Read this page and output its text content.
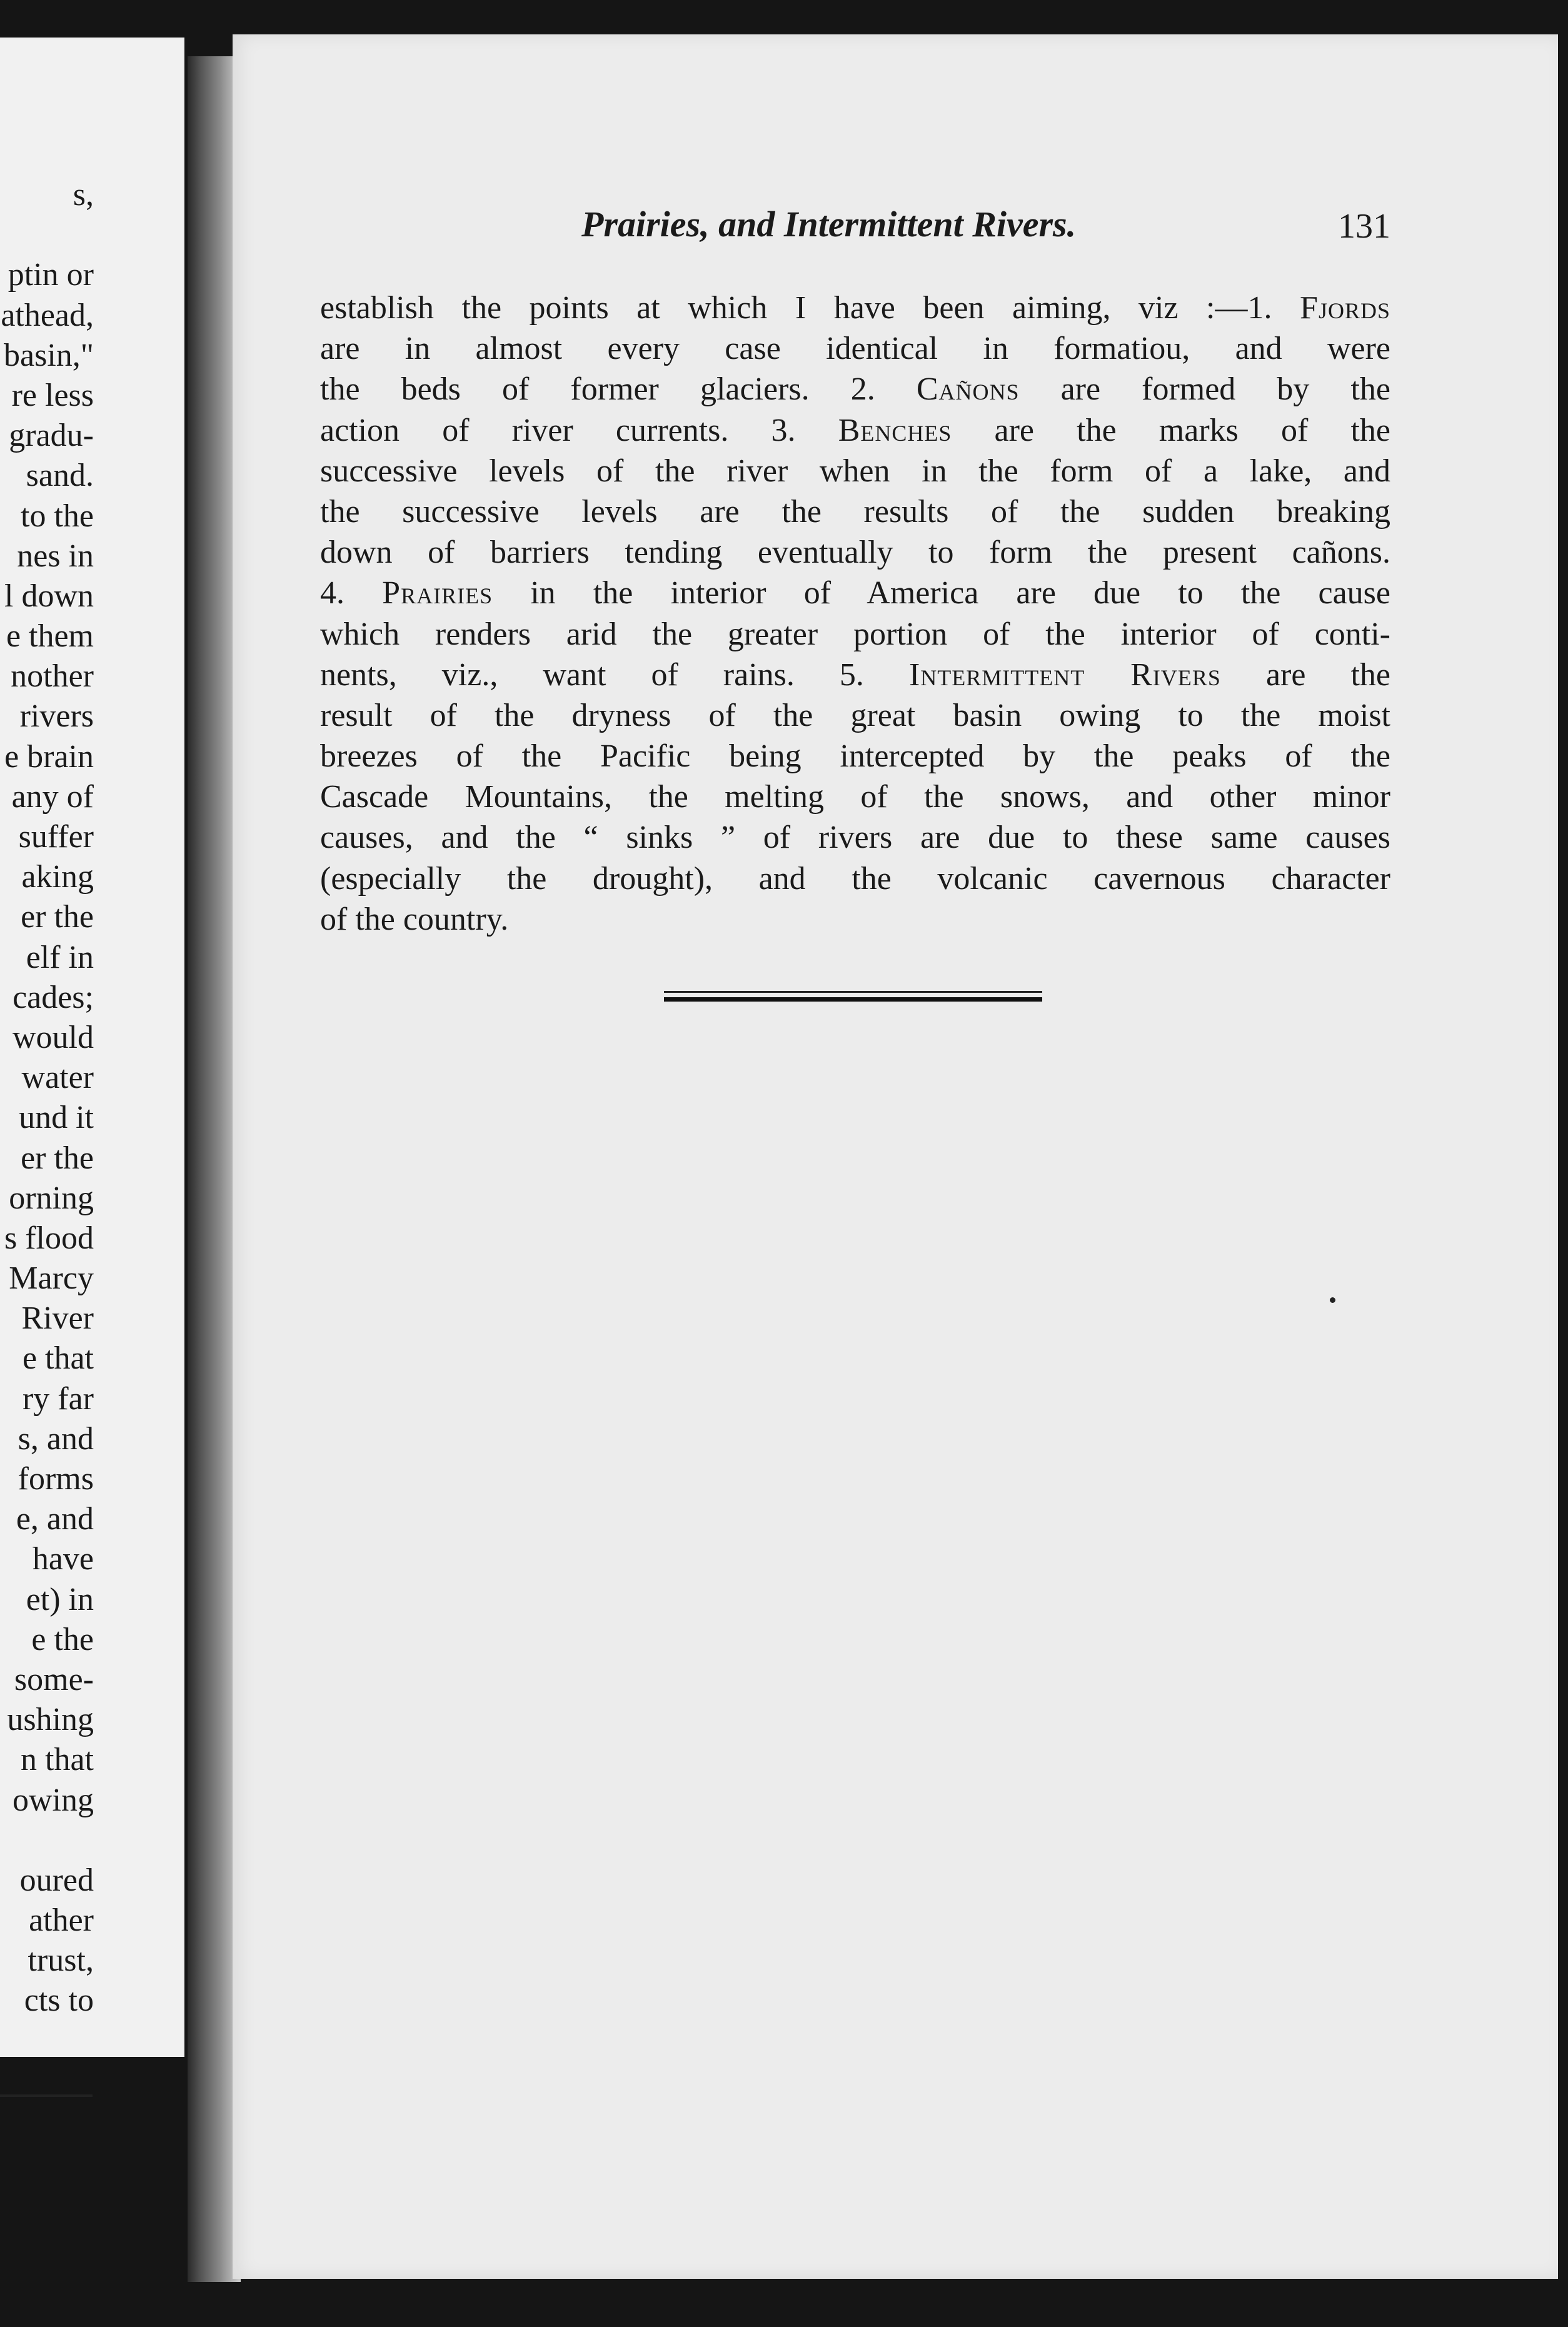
s,
ptin or
athead,
basin,"
re less
gradu-
sand.
to the
nes in
l down
e them
nother
rivers
e brain
any of
suffer
aking
er the
elf in
cades;
would
water
und it
er the
orning
s flood
Marcy
River
e that
ry far
s, and
forms
e, and
have
et) in
e the
some-
ushing
n that
owing
oured
ather
trust,
cts to
Prairies, and Intermittent Rivers.	131
establish the points at which I have been aiming, viz :—1. Fjords
are in almost every case identical in formatiou, and were
the beds of former glaciers. 2. Cañons are formed by the
action of river currents. 3. Benches are the marks of the
successive levels of the river when in the form of a lake, and
the successive levels are the results of the sudden breaking
down of barriers tending eventually to form the present cañons.
4. Prairies in the interior of America are due to the cause
which renders arid the greater portion of the interior of conti-
nents, viz., want of rains. 5. Intermittent Rivers are the
result of the dryness of the great basin owing to the moist
breezes of the Pacific being intercepted by the peaks of the
Cascade Mountains, the melting of the snows, and other minor
causes, and the “ sinks ” of rivers are due to these same causes
(especially the drought), and the volcanic cavernous character
of the country.
